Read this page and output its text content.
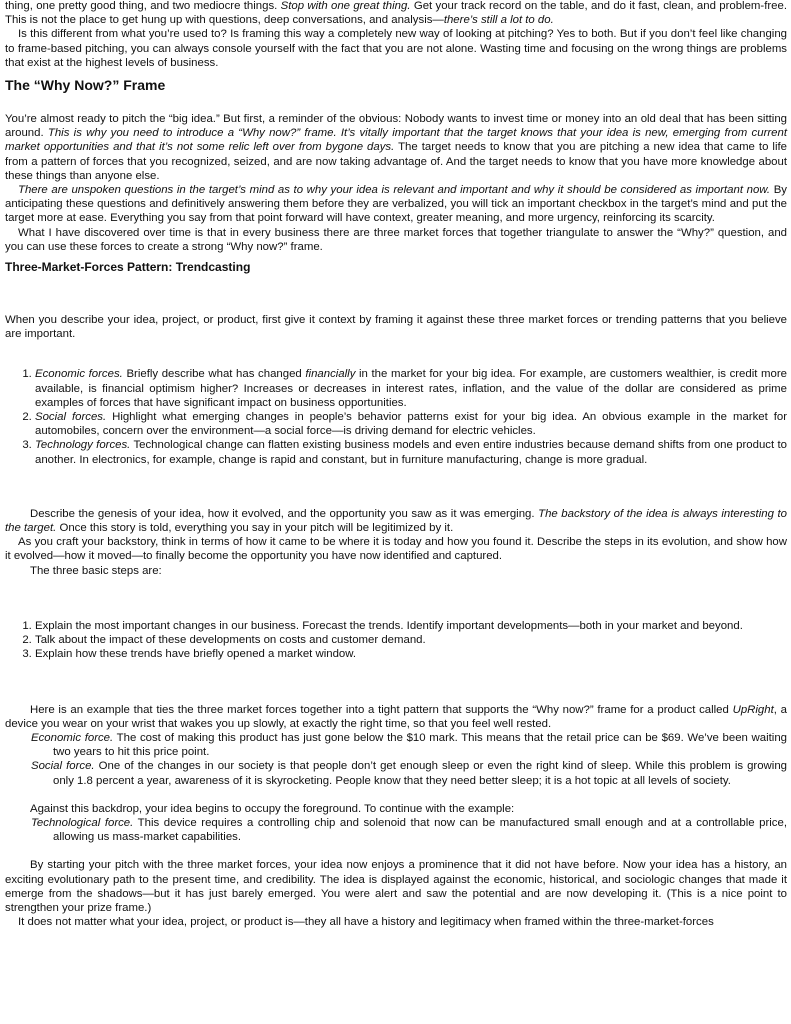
thing, one pretty good thing, and two mediocre things. Stop with one great thing. Get your track record on the table, and do it fast, clean, and problem-free. This is not the place to get hung up with questions, deep conversations, and analysis—there’s still a lot to do.

Is this different from what you’re used to? Is framing this way a completely new way of looking at pitching? Yes to both. But if you don’t feel like changing to frame-based pitching, you can always console yourself with the fact that you are not alone. Wasting time and focusing on the wrong things are problems that exist at the highest levels of business.

The “Why Now?” Frame

You’re almost ready to pitch the “big idea.” But first, a reminder of the obvious: Nobody wants to invest time or money into an old deal that has been sitting around. This is why you need to introduce a “Why now?” frame. It’s vitally important that the target knows that your idea is new, emerging from current market opportunities and that it’s not some relic left over from bygone days. The target needs to know that you are pitching a new idea that came to life from a pattern of forces that you recognized, seized, and are now taking advantage of. And the target needs to know that you have more knowledge about these things than anyone else.

There are unspoken questions in the target’s mind as to why your idea is relevant and important and why it should be considered as important now. By anticipating these questions and definitively answering them before they are verbalized, you will tick an important checkbox in the target’s mind and put the target more at ease. Everything you say from that point forward will have context, greater meaning, and more urgency, reinforcing its scarcity.

What I have discovered over time is that in every business there are three market forces that together triangulate to answer the “Why?” question, and you can use these forces to create a strong “Why now?” frame.

Three-Market-Forces Pattern: Trendcasting

When you describe your idea, project, or product, first give it context by framing it against these three market forces or trending patterns that you believe are important.

1. Economic forces. Briefly describe what has changed financially in the market for your big idea. For example, are customers wealthier, is credit more available, is financial optimism higher? Increases or decreases in interest rates, inflation, and the value of the dollar are considered as prime examples of forces that have significant impact on business opportunities.
2. Social forces. Highlight what emerging changes in people’s behavior patterns exist for your big idea. An obvious example in the market for automobiles, concern over the environment—a social force—is driving demand for electric vehicles.
3. Technology forces. Technological change can flatten existing business models and even entire industries because demand shifts from one product to another. In electronics, for example, change is rapid and constant, but in furniture manufacturing, change is more gradual.

Describe the genesis of your idea, how it evolved, and the opportunity you saw as it was emerging. The backstory of the idea is always interesting to the target. Once this story is told, everything you say in your pitch will be legitimized by it.

As you craft your backstory, think in terms of how it came to be where it is today and how you found it. Describe the steps in its evolution, and show how it evolved—how it moved—to finally become the opportunity you have now identified and captured.

The three basic steps are:

1. Explain the most important changes in our business. Forecast the trends. Identify important developments—both in your market and beyond.
2. Talk about the impact of these developments on costs and customer demand.
3. Explain how these trends have briefly opened a market window.

Here is an example that ties the three market forces together into a tight pattern that supports the “Why now?” frame for a product called UpRight, a device you wear on your wrist that wakes you up slowly, at exactly the right time, so that you feel well rested.

Economic force. The cost of making this product has just gone below the $10 mark. This means that the retail price can be $69. We’ve been waiting two years to hit this price point.

Social force. One of the changes in our society is that people don’t get enough sleep or even the right kind of sleep. While this problem is growing only 1.8 percent a year, awareness of it is skyrocketing. People know that they need better sleep; it is a hot topic at all levels of society.

Against this backdrop, your idea begins to occupy the foreground. To continue with the example:

Technological force. This device requires a controlling chip and solenoid that now can be manufactured small enough and at a controllable price, allowing us mass-market capabilities.

By starting your pitch with the three market forces, your idea now enjoys a prominence that it did not have before. Now your idea has a history, an exciting evolutionary path to the present time, and credibility. The idea is displayed against the economic, historical, and sociologic changes that made it emerge from the shadows—but it has just barely emerged. You were alert and saw the potential and are now developing it. (This is a nice point to strengthen your prize frame.)

It does not matter what your idea, project, or product is—they all have a history and legitimacy when framed within the three-market-forces
